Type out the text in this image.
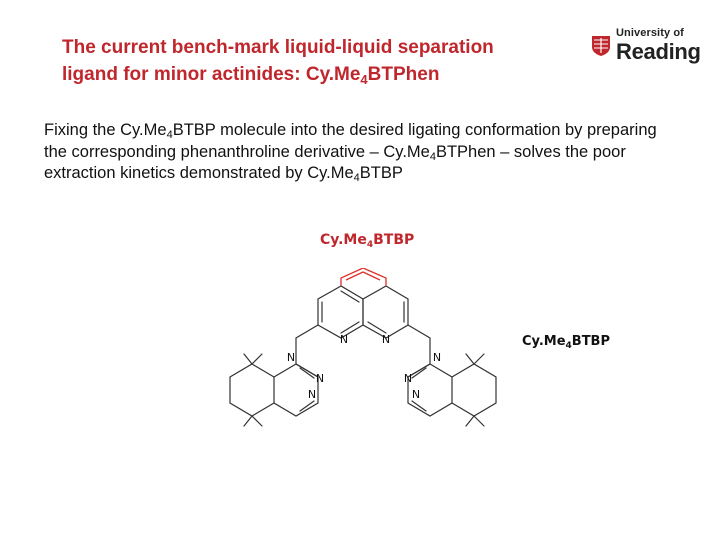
The current bench-mark liquid-liquid separation
ligand for minor actinides: $Cy.Me_4BTPhen$
University of
Reading
Fixing the $Cy.Me_4BTBP$ molecule into the desired ligating conformation by preparing the corresponding phenanthroline derivative – $Cy.Me_4BTPhen$ – solves the poor extraction kinetics demonstrated by $Cy.Me_4BTBP$
$Cy.Me_4BTBP$
$Cy.Me_4BTBP$
N	N
N
N
N
N
N
N
